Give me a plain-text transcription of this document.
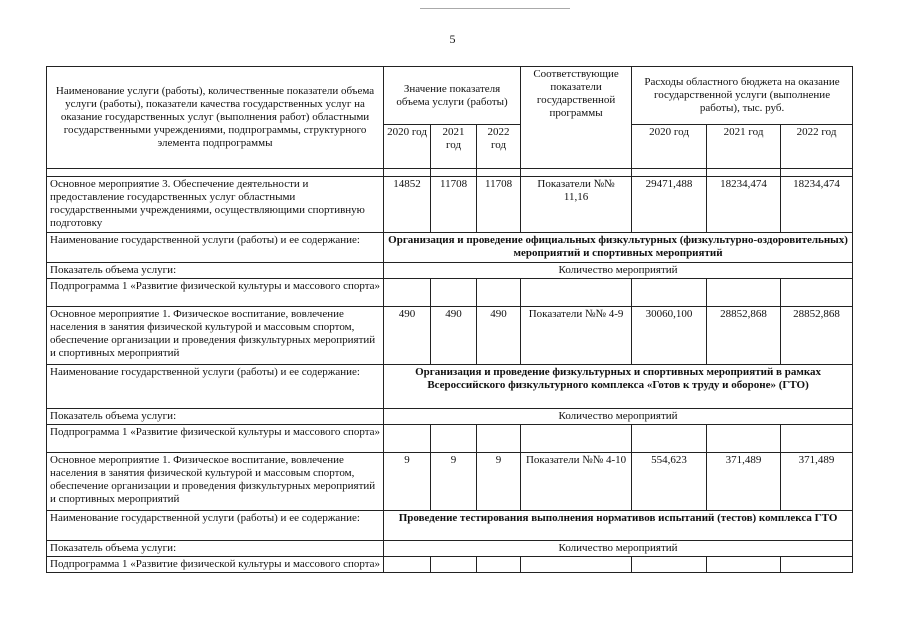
5
Наименование услуги (работы), количественные показатели объема услуги (работы), показатели качества государственных услуг на оказание государственных услуг (выполнения работ) областными государственными учреждениями, подпрограммы, структурного элемента подпрограммы	Значение показателя объема услуги (работы)			Соответствующие показатели государственной программы	Расходы областного бюджета на оказание государственной услуги (выполнение работы), тыс. руб.		
	2020 год	2021 год	2022 год		2020 год	2021 год	2022 год

Основное мероприятие 3. Обеспечение деятельности и предоставление государственных услуг областными государственными учреждениями, осуществляющими спортивную подготовку	14852	11708	11708	Показатели №№ 11,16	29471,488	18234,474	18234,474
Наименование государственной услуги (работы) и ее содержание:	Организация и проведение официальных физкультурных (физкультурно-оздоровительных) мероприятий и спортивных мероприятий						
Показатель объема услуги:	Количество мероприятий						
Подпрограмма 1 «Развитие физической культуры и массового спорта»							
Основное мероприятие 1. Физическое воспитание, вовлечение населения в занятия физической культурой и массовым спортом, обеспечение организации и проведения физкультурных мероприятий и спортивных мероприятий	490	490	490	Показатели №№ 4-9	30060,100	28852,868	28852,868
Наименование государственной услуги (работы) и ее содержание:	Организация и проведение физкультурных и спортивных мероприятий в рамках Всероссийского физкультурного комплекса «Готов к труду и обороне» (ГТО)						
Показатель объема услуги:	Количество мероприятий						
Подпрограмма 1 «Развитие физической культуры и массового спорта»							
Основное мероприятие 1. Физическое воспитание, вовлечение населения в занятия физической культурой и массовым спортом, обеспечение организации и проведения физкультурных мероприятий и спортивных мероприятий	9	9	9	Показатели №№ 4-10	554,623	371,489	371,489
Наименование государственной услуги (работы) и ее содержание:	Проведение тестирования выполнения нормативов испытаний (тестов) комплекса ГТО						
Показатель объема услуги:	Количество мероприятий						
Подпрограмма 1 «Развитие физической культуры и массового спорта»							
